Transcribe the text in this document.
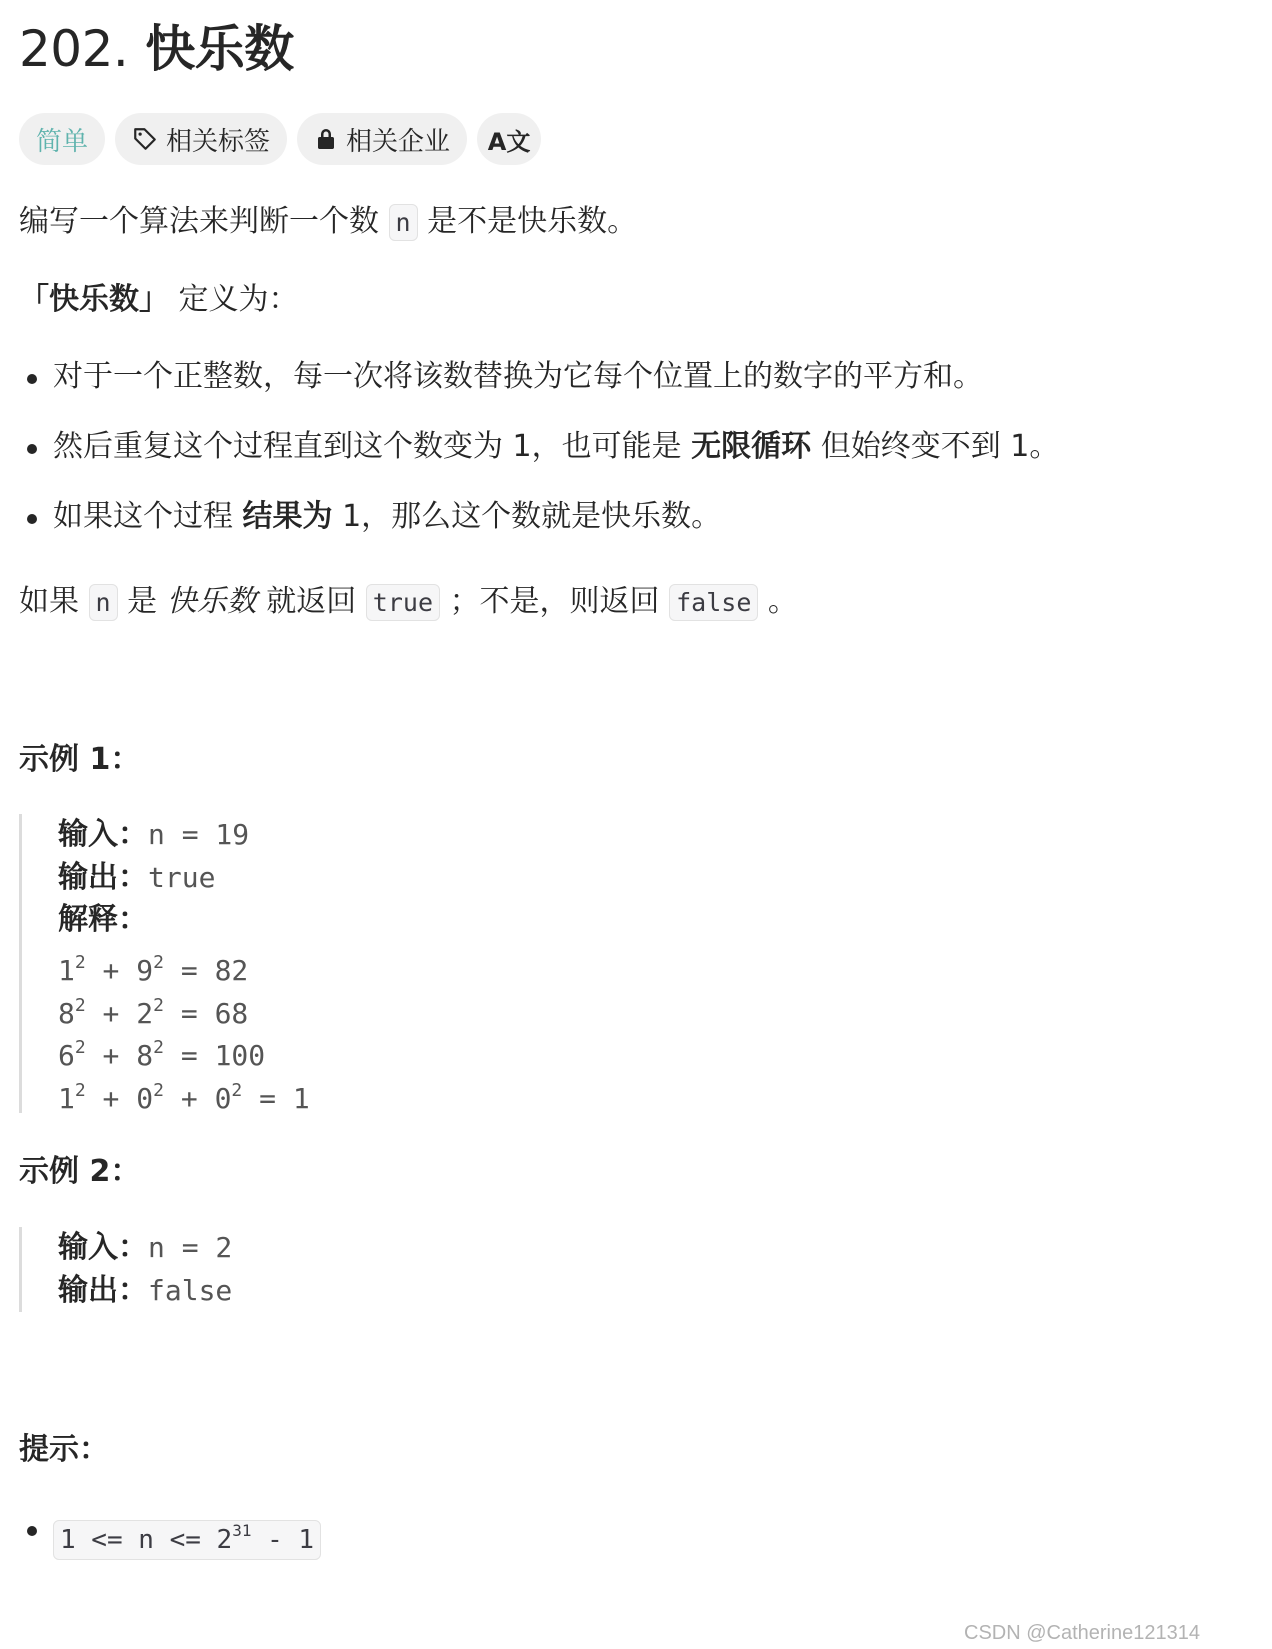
202. 快乐数
简单	相关标签	相关企业 A文
编写一个算法来判断一个数 n 是不是快乐数。
「快乐数」 定义为：
对于一个正整数，每一次将该数替换为它每个位置上的数字的平方和。
然后重复这个过程直到这个数变为 1，也可能是 无限循环 但始终变不到 1。
如果这个过程 结果为 1，那么这个数就是快乐数。
如果 n 是 快乐数 就返回 true ；不是，则返回 false 。
示例 1：
输入：n = 19
输出：true
解释：
$1^2 + 9^2 = 82$
$8^2 + 2^2 = 68$
$6^2 + 8^2 = 100$
$1^2 + 0^2 + 0^2 = 1$
示例 2：
输入：n = 2
输出：false
提示：
$1 <= n <= 2^{31} - 1$
CSDN @Catherine121314
